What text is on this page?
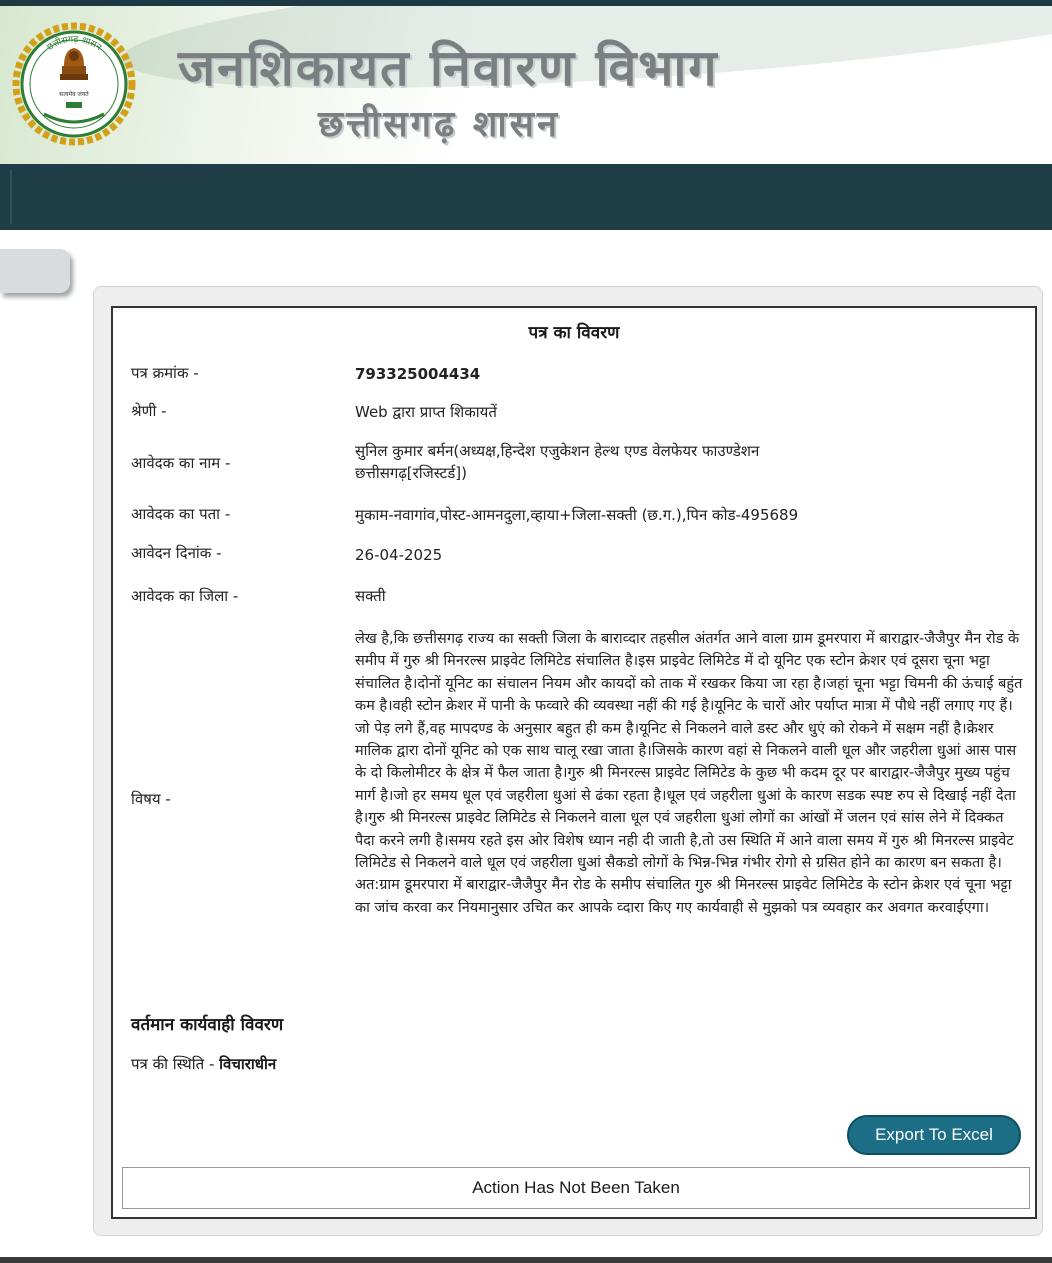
छत्तीसगढ़ शासन
सत्यमेव जयते जनशिकायत निवारण विभाग
छत्तीसगढ़ शासन
पत्र का विवरण
पत्र क्रमांक -	793325004434
श्रेणी -	Web द्वारा प्राप्त शिकायतें
आवेदक का नाम -
सुनिल कुमार बर्मन(अध्यक्ष,हिन्देश एजुकेशन हेल्थ एण्ड वेलफेयर फाउण्डेशन छत्तीसगढ़[रजिस्टर्ड])
आवेदक का पता -	मुकाम-नवागांव,पोस्ट-आमनदुला,व्हाया+जिला-सक्ती (छ.ग.),पिन कोड-495689
आवेदन दिनांक -	26-04-2025
आवेदक का जिला -	सक्ती
विषय -
लेख है,कि छत्तीसगढ़ राज्य का सक्ती जिला के बाराव्दार तहसील अंतर्गत आने वाला ग्राम डूमरपारा में बाराद्वार-जैजैपुर मैन रोड के समीप में गुरु श्री मिनरल्स प्राइवेट लिमिटेड संचालित है।इस प्राइवेट लिमिटेड में दो यूनिट एक स्टोन क्रेशर एवं दूसरा चूना भट्टा संचालित है।दोनों यूनिट का संचालन नियम और कायदों को ताक में रखकर किया जा रहा है।जहां चूना भट्टा चिमनी की ऊंचाई बहुंत कम है।वही स्टोन क्रेशर में पानी के फव्वारे की व्यवस्था नहीं की गई है।यूनिट के चारों ओर पर्याप्त मात्रा में पौधे नहीं लगाए गए हैं।जो पेड़ लगे हैं,वह मापदण्ड के अनुसार बहुत ही कम है।यूनिट से निकलने वाले डस्ट और धुएं को रोकने में सक्षम नहीं है।क्रेशर मालिक द्वारा दोनों यूनिट को एक साथ चालू रखा जाता है।जिसके कारण वहां से निकलने वाली धूल और जहरीला धुआं आस पास के दो किलोमीटर के क्षेत्र में फैल जाता है।गुरु श्री मिनरल्स प्राइवेट लिमिटेड के कुछ भी कदम दूर पर बाराद्वार-जैजैपुर मुख्य पहुंच मार्ग है।जो हर समय धूल एवं जहरीला धुआं से ढंका रहता है।धूल एवं जहरीला धुआं के कारण सडक स्पष्ट रुप से दिखाई नहीं देता है।गुरु श्री मिनरल्स प्राइवेट लिमिटेड से निकलने वाला धूल एवं जहरीला धुआं लोगों का आंखों में जलन एवं सांस लेने में दिक्कत पैदा करने लगी है।समय रहते इस ओर विशेष ध्यान नही दी जाती है,तो उस स्थिति में आने वाला समय में गुरु श्री मिनरल्स प्राइवेट लिमिटेड से निकलने वाले धूल एवं जहरीला धुआं सैकडो लोगों के भिन्न-भिन्न गंभीर रोगो से ग्रसित होने का कारण बन सकता है।अत:ग्राम डूमरपारा में बाराद्वार-जैजैपुर मैन रोड के समीप संचालित गुरु श्री मिनरल्स प्राइवेट लिमिटेड के स्टोन क्रेशर एवं चूना भट्टा का जांच करवा कर नियमानुसार उचित कर आपके व्दारा किए गए कार्यवाही से मुझको पत्र व्यवहार कर अवगत करवाईएगा।
वर्तमान कार्यवाही विवरण
पत्र की स्थिति - विचाराधीन
Export To Excel
Action Has Not Been Taken
